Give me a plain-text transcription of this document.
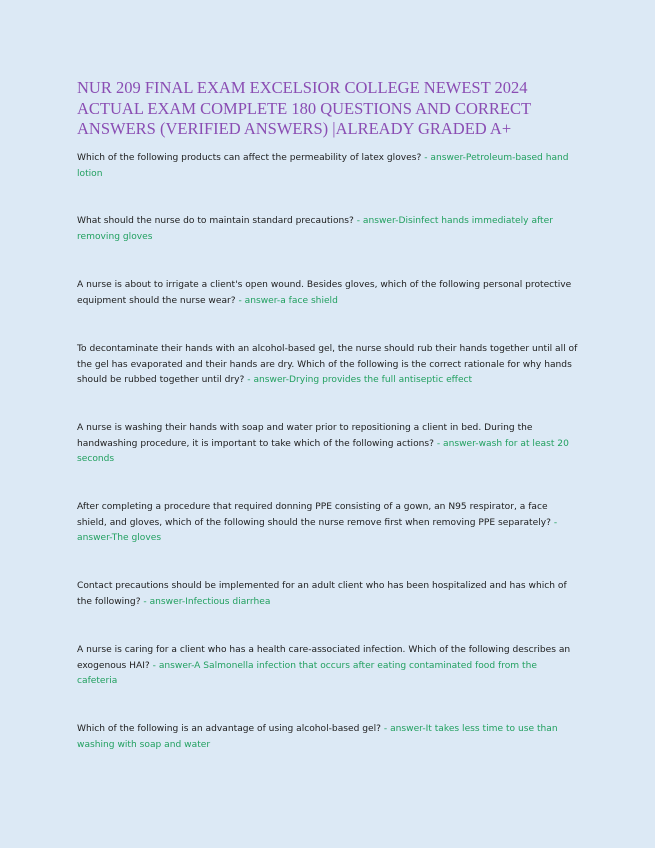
NUR 209 FINAL EXAM EXCELSIOR COLLEGE NEWEST 2024 ACTUAL EXAM COMPLETE 180 QUESTIONS AND CORRECT ANSWERS (VERIFIED ANSWERS) |ALREADY GRADED A+

Which of the following products can affect the permeability of latex gloves? - answer-Petroleum-based hand lotion

What should the nurse do to maintain standard precautions? - answer-Disinfect hands immediately after removing gloves

A nurse is about to irrigate a client's open wound. Besides gloves, which of the following personal protective equipment should the nurse wear? - answer-a face shield

To decontaminate their hands with an alcohol-based gel, the nurse should rub their hands together until all of the gel has evaporated and their hands are dry. Which of the following is the correct rationale for why hands should be rubbed together until dry? - answer-Drying provides the full antiseptic effect

A nurse is washing their hands with soap and water prior to repositioning a client in bed. During the handwashing procedure, it is important to take which of the following actions? - answer-wash for at least 20 seconds

After completing a procedure that required donning PPE consisting of a gown, an N95 respirator, a face shield, and gloves, which of the following should the nurse remove first when removing PPE separately? - answer-The gloves

Contact precautions should be implemented for an adult client who has been hospitalized and has which of the following? - answer-Infectious diarrhea

A nurse is caring for a client who has a health care-associated infection. Which of the following describes an exogenous HAI? - answer-A Salmonella infection that occurs after eating contaminated food from the cafeteria

Which of the following is an advantage of using alcohol-based gel? - answer-It takes less time to use than washing with soap and water
